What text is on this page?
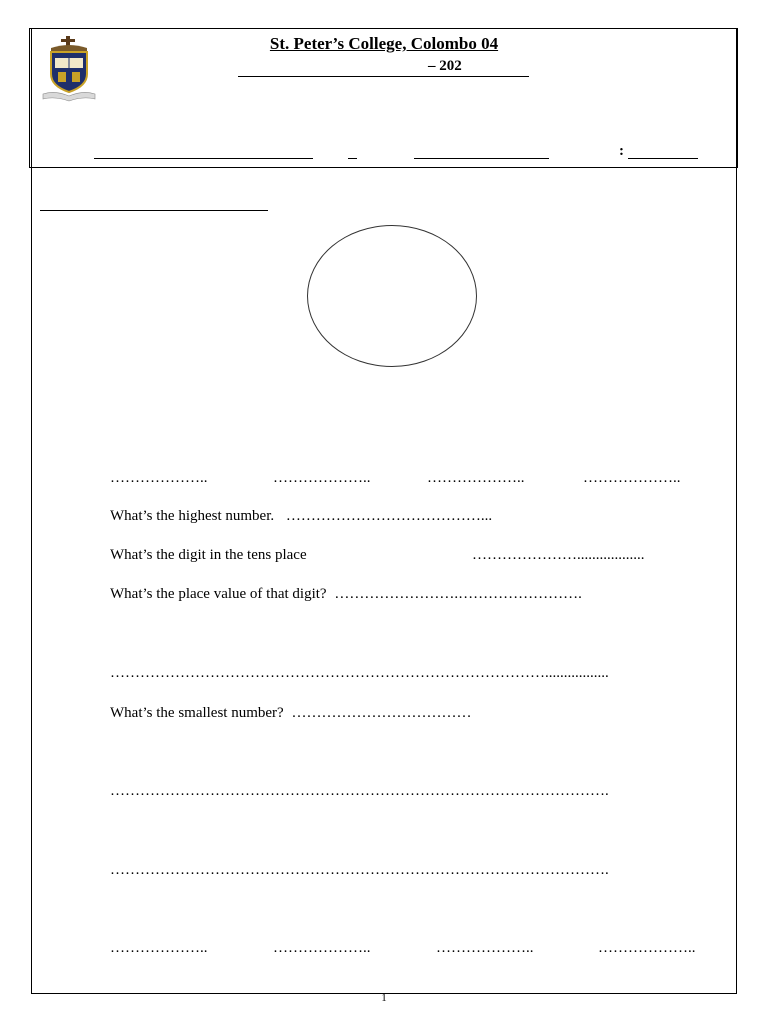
St. Peter’s College, Colombo 04
– 202
:
………………..	………………..	………………..	………………..
What’s the highest number. …………………………………...
What’s the digit in the tens place	…………………..................
What’s the place value of that digit? …………………….…………………….
…………………………………………………………………………….................
What’s the smallest number? ………………………………
……………………………………………………………………………………….
……………………………………………………………………………………….
………………..	………………..	………………..	………………..
1
